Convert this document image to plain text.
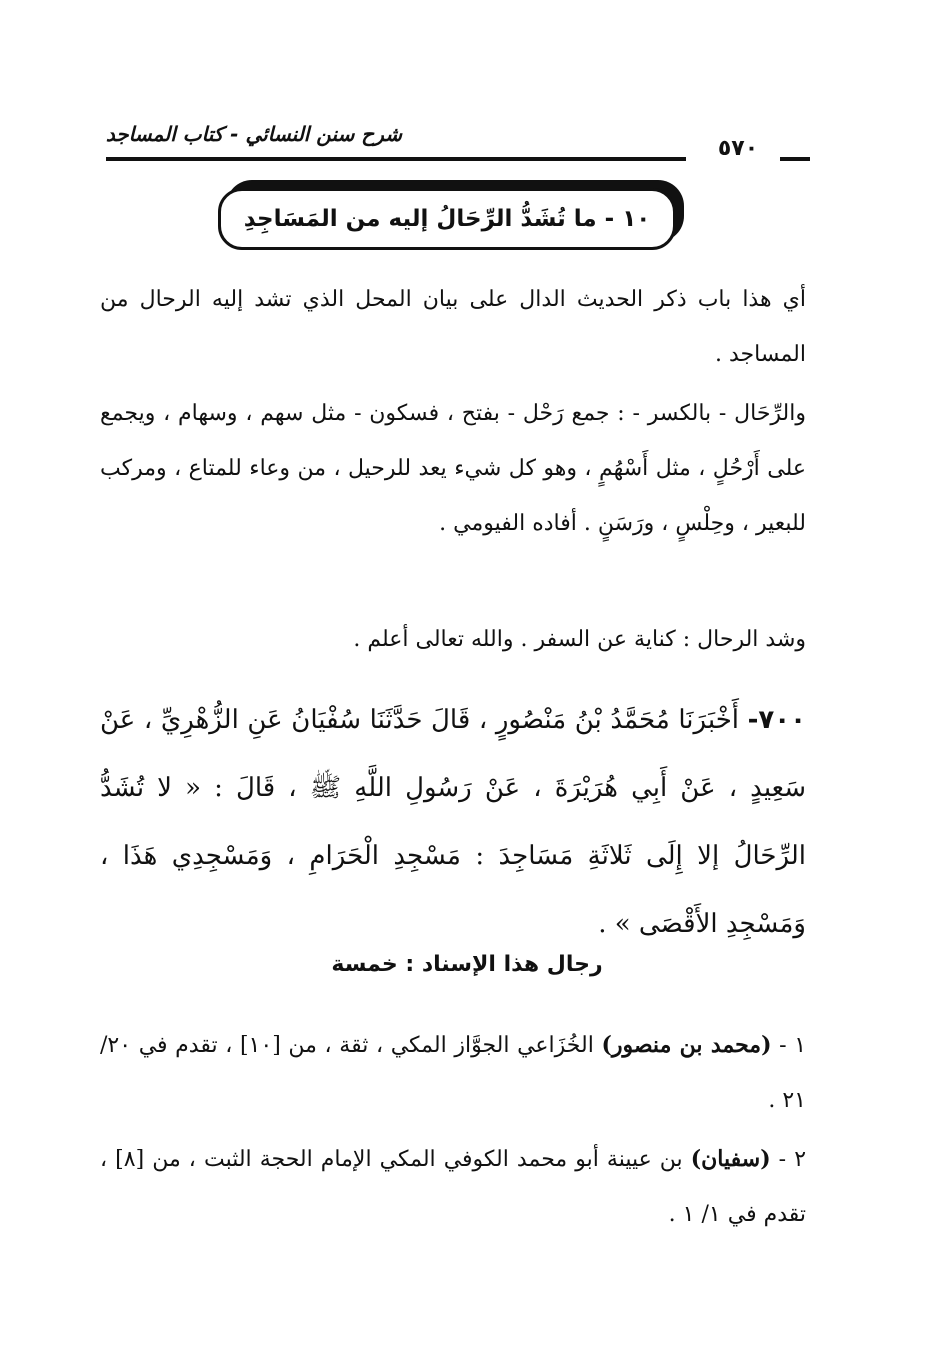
شرح سنن النسائي - كتاب المساجد
٥٧٠
١٠ - ما تُشَدُّ الرِّحَالُ إليه من المَسَاجِدِ

أي هذا باب ذكر الحديث الدال على بيان المحل الذي تشد إليه الرحال من المساجد .

والرِّحَال - بالكسر - : جمع رَحْل - بفتح ، فسكون - مثل سهم ، وسهام ، ويجمع على أَرْحُلٍ ، مثل أَسْهُمٍ ، وهو كل شيء يعد للرحيل ، من وعاء للمتاع ، ومركب للبعير ، وحِلْسٍ ، ورَسَنٍ . أفاده الفيومي .

وشد الرحال : كناية عن السفر . والله تعالى أعلم .

٧٠٠- أَخْبَرَنَا مُحَمَّدُ بْنُ مَنْصُورٍ ، قَالَ حَدَّثَنَا سُفْيَانُ عَنِ الزُّهْرِيِّ ، عَنْ سَعِيدٍ ، عَنْ أَبِي هُرَيْرَةَ ، عَنْ رَسُولِ اللَّهِ ﷺ ، قَالَ : « لا تُشَدُّ الرِّحَالُ إلا إِلَى ثَلاثَةِ مَسَاجِدَ : مَسْجِدِ الْحَرَامِ ، وَمَسْجِدِي هَذَا ، وَمَسْجِدِ الأَقْصَى » .

رجال هذا الإسناد : خمسة

١ - (محمد بن منصور) الخُزَاعي الجوَّاز المكي ، ثقة ، من [١٠] ، تقدم في ٢٠/ ٢١ .

٢ - (سفيان) بن عيينة أبو محمد الكوفي المكي الإمام الحجة الثبت ، من [٨] ، تقدم في ١/ ١ .
